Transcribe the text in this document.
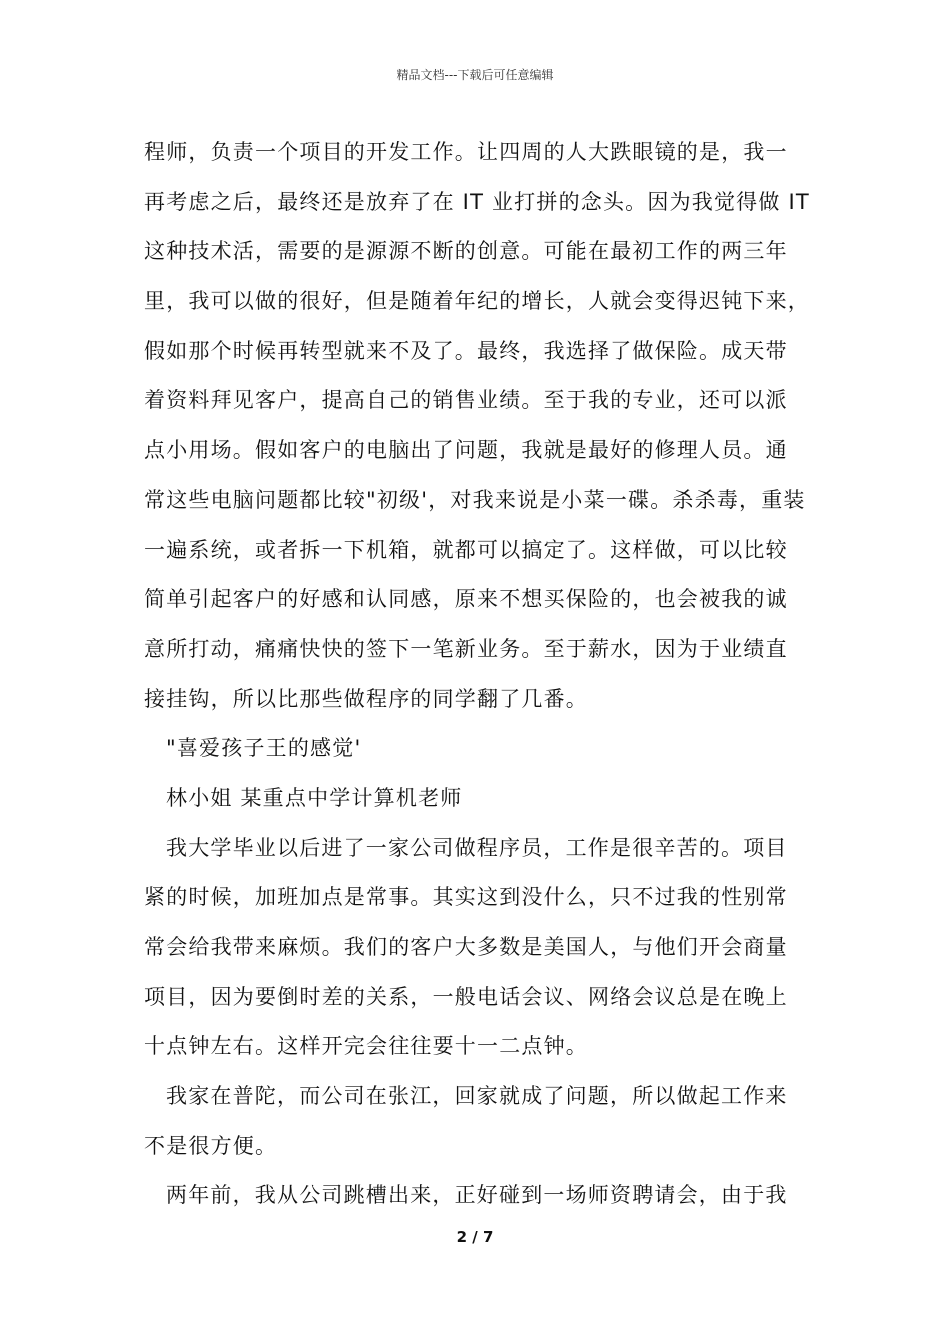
精品文档---下载后可任意编辑
程师，负责一个项目的开发工作。让四周的人大跌眼镜的是，我一
再考虑之后，最终还是放弃了在 IT 业打拼的念头。因为我觉得做 IT
这种技术活，需要的是源源不断的创意。可能在最初工作的两三年
里，我可以做的很好，但是随着年纪的增长，人就会变得迟钝下来，
假如那个时候再转型就来不及了。最终，我选择了做保险。成天带
着资料拜见客户，提高自己的销售业绩。至于我的专业，还可以派
点小用场。假如客户的电脑出了问题，我就是最好的修理人员。通
常这些电脑问题都比较"初级'，对我来说是小菜一碟。杀杀毒，重装
一遍系统，或者拆一下机箱，就都可以搞定了。这样做，可以比较
简单引起客户的好感和认同感，原来不想买保险的，也会被我的诚
意所打动，痛痛快快的签下一笔新业务。至于薪水，因为于业绩直
接挂钩，所以比那些做程序的同学翻了几番。
"喜爱孩子王的感觉'
林小姐 某重点中学计算机老师
我大学毕业以后进了一家公司做程序员，工作是很辛苦的。项目
紧的时候，加班加点是常事。其实这到没什么，只不过我的性别常
常会给我带来麻烦。我们的客户大多数是美国人，与他们开会商量
项目，因为要倒时差的关系，一般电话会议、网络会议总是在晚上
十点钟左右。这样开完会往往要十一二点钟。
我家在普陀，而公司在张江，回家就成了问题，所以做起工作来
不是很方便。
两年前，我从公司跳槽出来，正好碰到一场师资聘请会，由于我
2 / 7
